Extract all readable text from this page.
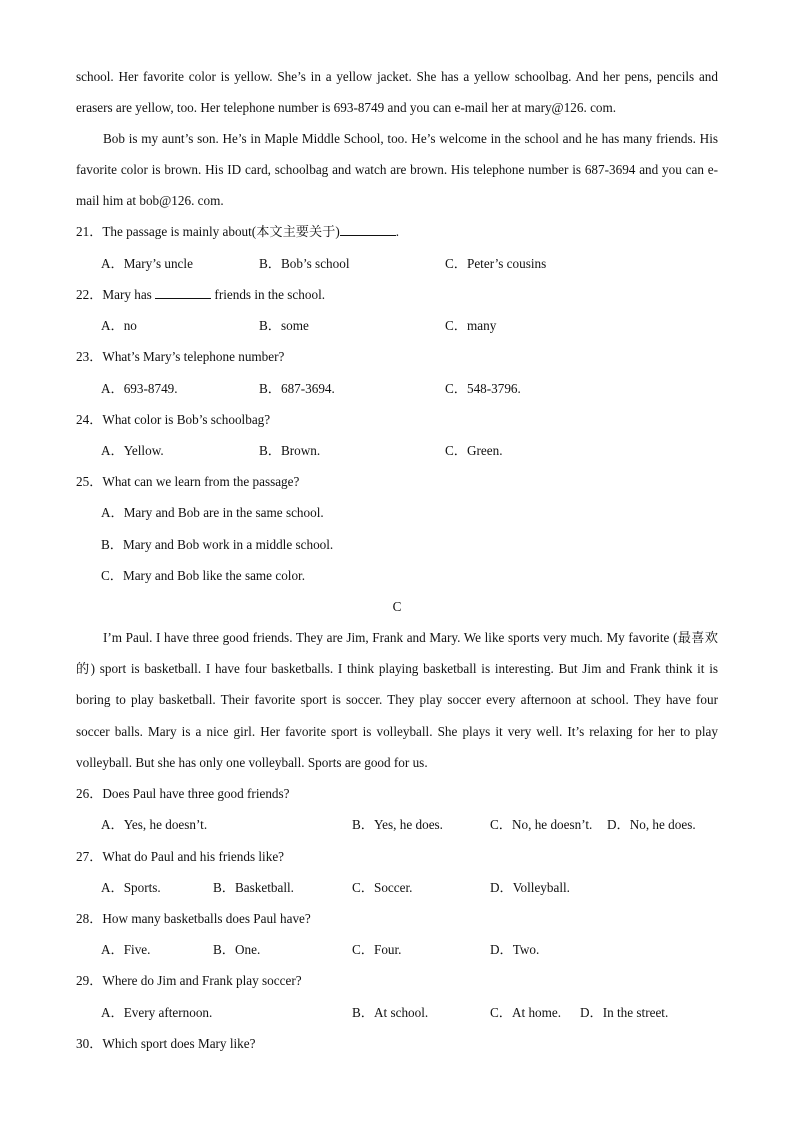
school. Her favorite color is yellow. She’s in a yellow jacket. She has a yellow schoolbag. And her pens, pencils and erasers are yellow, too. Her telephone number is 693-8749 and you can e-mail her at mary@126. com.
Bob is my aunt’s son. He’s in Maple Middle School, too. He’s welcome in the school and he has many friends. His favorite color is brown. His ID card, schoolbag and watch are brown. His telephone number is 687-3694 and you can e-mail him at bob@126. com.
21．The passage is mainly about(本文主要关于)	.
A．Mary’s uncle	B．Bob’s school	C．Peter’s cousins
22．Mary has	friends in the school.
A．no	B．some	C．many
23．What’s Mary’s telephone number?
A．693-8749.	B．687-3694.	C．548-3796.
24．What color is Bob’s schoolbag?
A．Yellow.	B．Brown.	C．Green.
25．What can we learn from the passage?
A．Mary and Bob are in the same school.
B．Mary and Bob work in a middle school.
C．Mary and Bob like the same color.
C
I’m Paul. I have three good friends. They are Jim, Frank and Mary. We like sports very much. My favorite (最喜欢的) sport is basketball. I have four basketballs. I think playing basketball is interesting. But Jim and Frank think it is boring to play basketball. Their favorite sport is soccer. They play soccer every afternoon at school. They have four soccer balls. Mary is a nice girl. Her favorite sport is volleyball. She plays it very well. It’s relaxing for her to play volleyball. But she has only one volleyball. Sports are good for us.
26．Does Paul have three good friends?
A．Yes, he doesn’t.	B．Yes, he does.	C．No, he doesn’t. D．No, he does.
27．What do Paul and his friends like?
A．Sports.	B．Basketball.	C．Soccer.	D．Volleyball.
28．How many basketballs does Paul have?
A．Five.	B．One.	C．Four.	D．Two.
29．Where do Jim and Frank play soccer?
A．Every afternoon.	B．At school.	C．At home. D．In the street.
30．Which sport does Mary like?
